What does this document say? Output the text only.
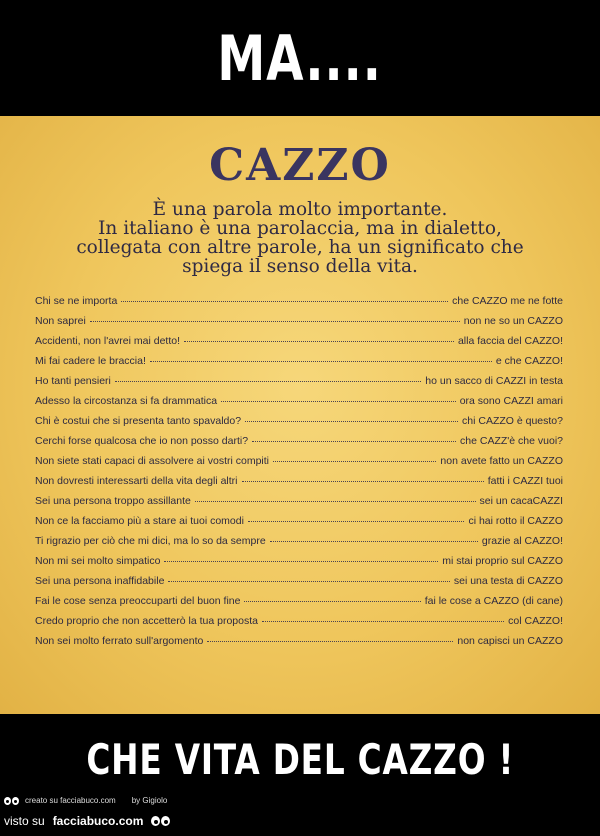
MA....
CAZZO
È una parola molto importante.
In italiano è una parolaccia, ma in dialetto,
collegata con altre parole, ha un significato che
spiega il senso della vita.
Chi se ne importa	che CAZZO me ne fotte
Non saprei	non ne so un CAZZO
Accidenti, non l'avrei mai detto!	alla faccia del CAZZO!
Mi fai cadere le braccia!	e che CAZZO!
Ho tanti pensieri	ho un sacco di CAZZI in testa
Adesso la circostanza si fa drammatica	ora sono CAZZI amari
Chi è costui che si presenta tanto spavaldo?	chi CAZZO è questo?
Cerchi forse qualcosa che io non posso darti?	che CAZZ'è che vuoi?
Non siete stati capaci di assolvere ai vostri compiti	non avete fatto un CAZZO
Non dovresti interessarti della vita degli altri	fatti i CAZZI tuoi
Sei una persona troppo assillante	sei un cacaCAZZI
Non ce la facciamo più a stare ai tuoi comodi	ci hai rotto il CAZZO
Ti rigrazio per ciò che mi dici, ma lo so da sempre	grazie al CAZZO!
Non mi sei molto simpatico	mi stai proprio sul CAZZO
Sei una persona inaffidabile	sei una testa di CAZZO
Fai le cose senza preoccuparti del buon fine	fai le cose a CAZZO (di cane)
Credo proprio che non accetterò la tua proposta	col CAZZO!
Non sei molto ferrato sull'argomento	non capisci un CAZZO
CHE VITA DEL CAZZO !
creato su facciabuco.com by Gigiolo
visto su facciabuco.com
